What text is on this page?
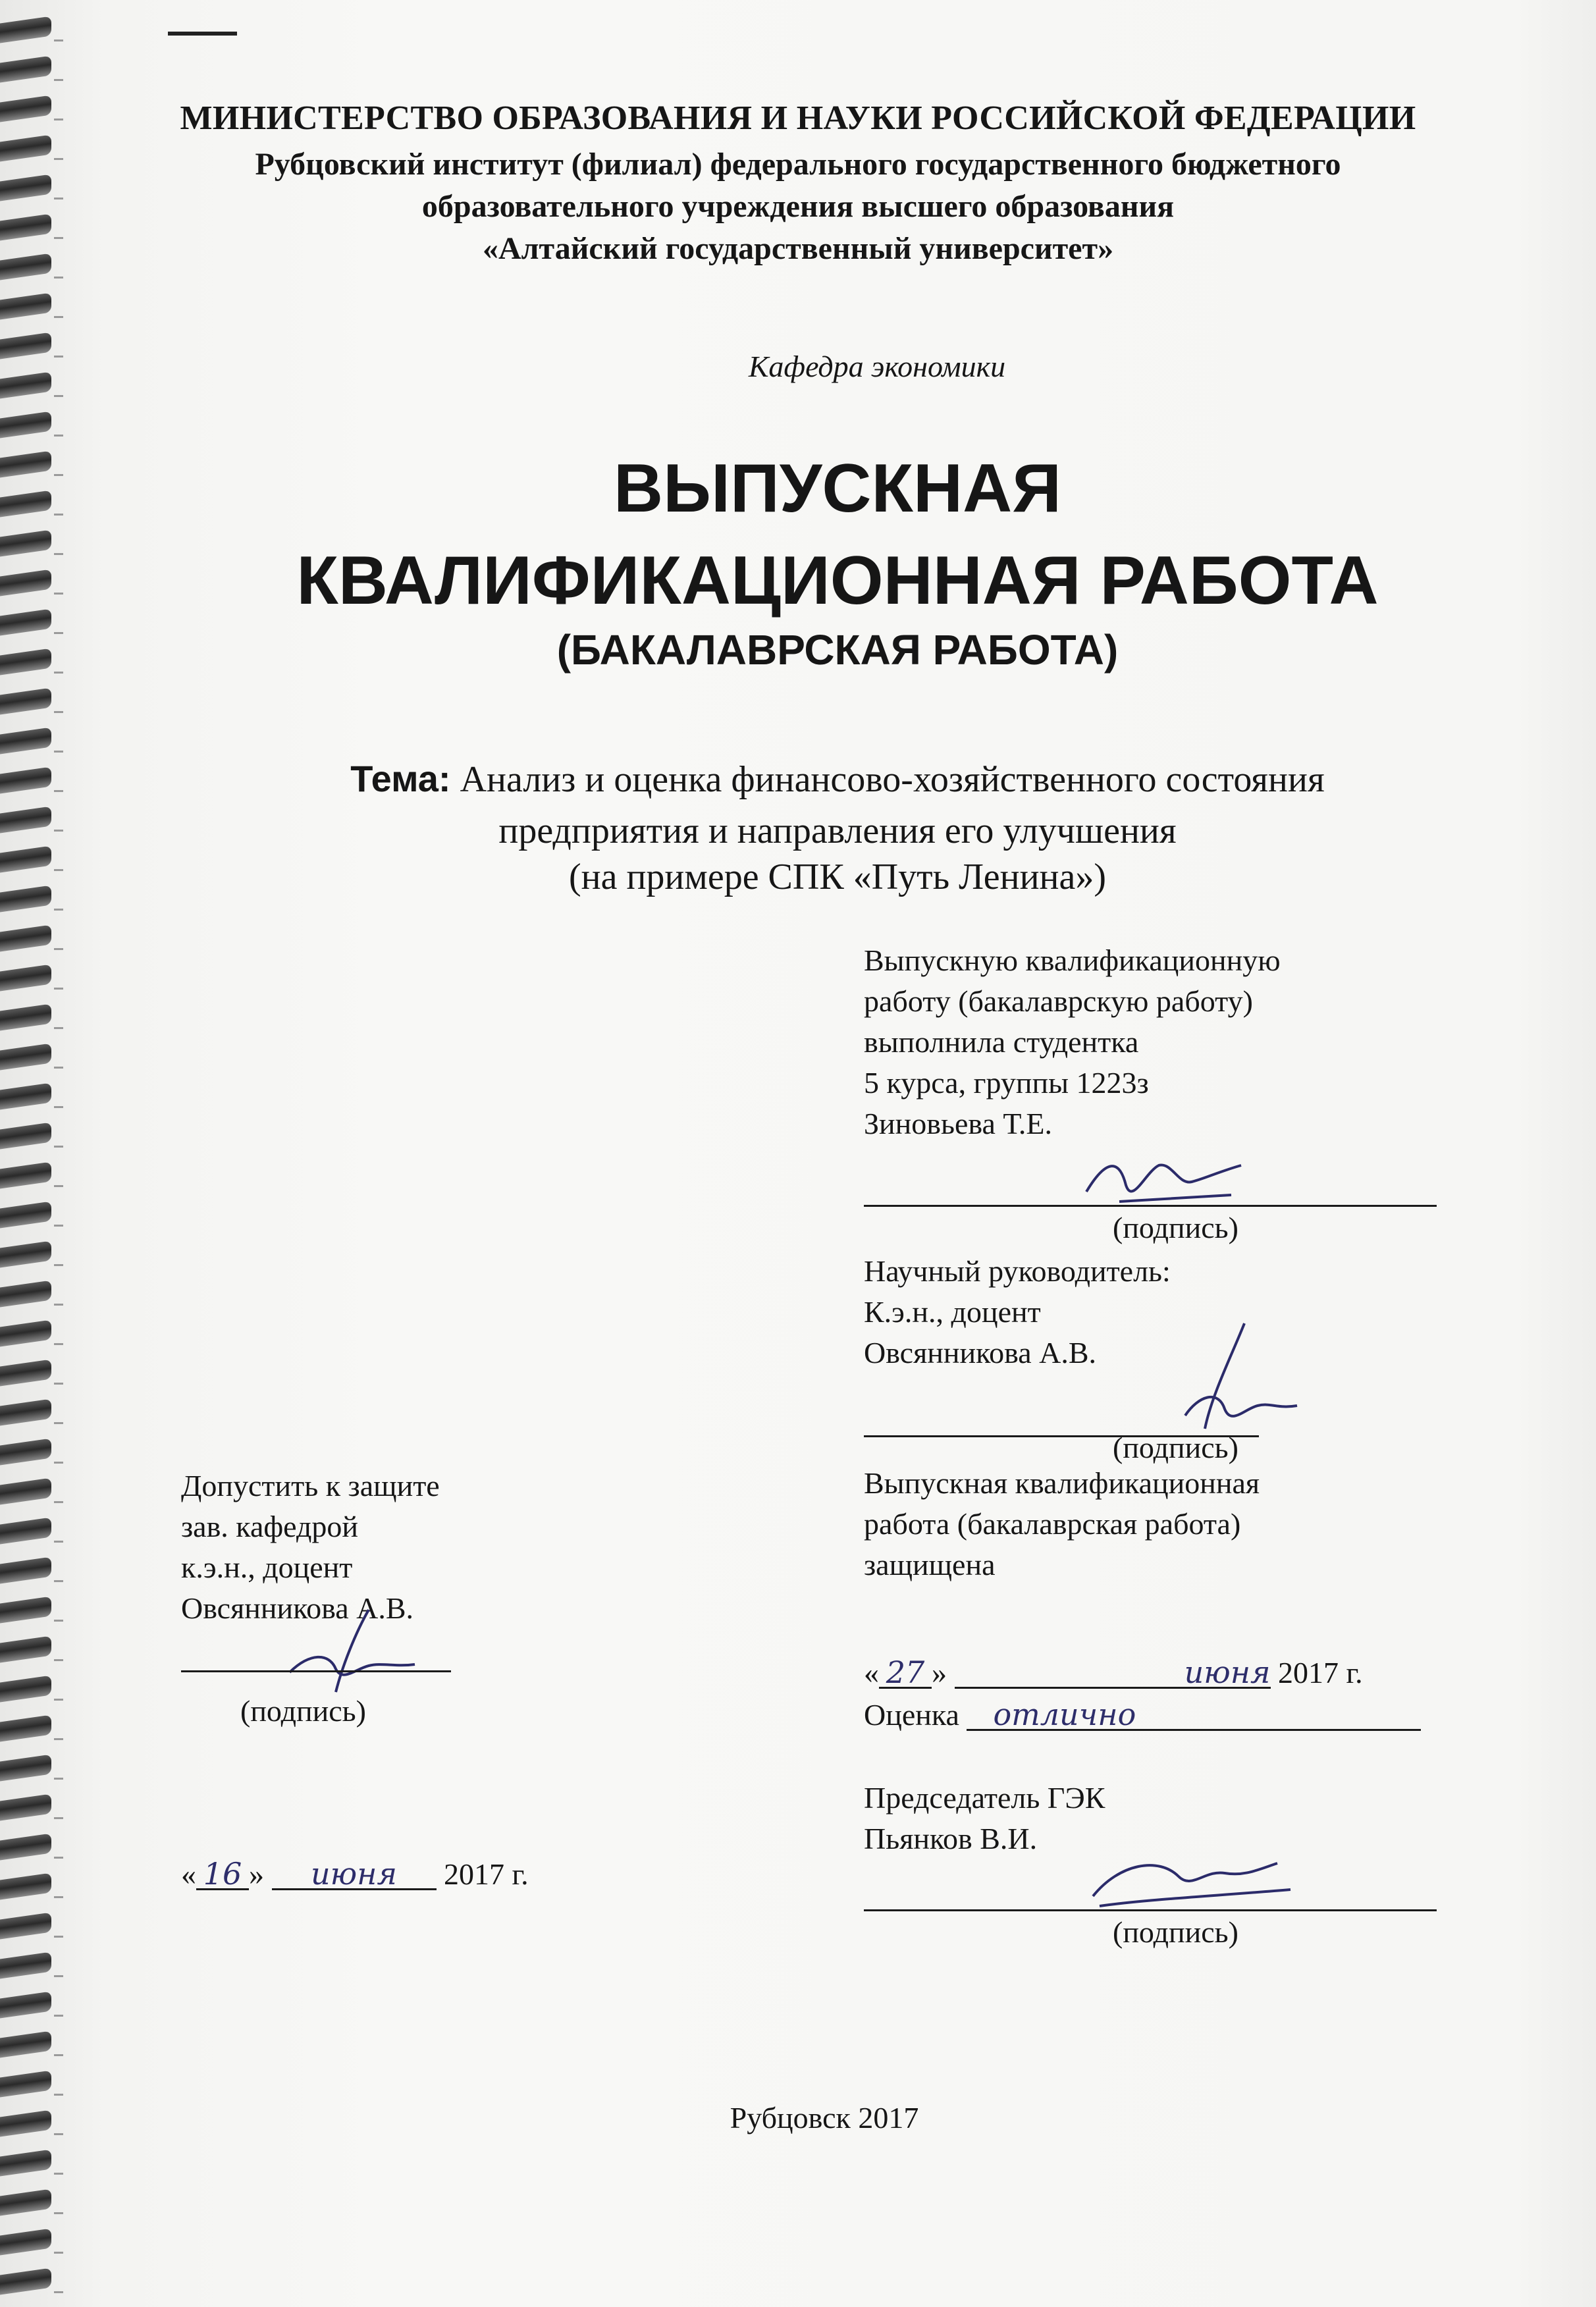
МИНИСТЕРСТВО ОБРАЗОВАНИЯ И НАУКИ РОССИЙСКОЙ ФЕДЕРАЦИИ
Рубцовский институт (филиал) федерального государственного бюджетного
образовательного учреждения высшего образования
«Алтайский государственный университет»
Кафедра экономики
ВЫПУСКНАЯ
КВАЛИФИКАЦИОННАЯ РАБОТА
(БАКАЛАВРСКАЯ РАБОТА)
Тема: Анализ и оценка финансово-хозяйственного состояния
предприятия и направления его улучшения
(на примере СПК «Путь Ленина»)
Выпускную квалификационную
работу (бакалаврскую работу)
выполнила студентка
5 курса, группы 1223з
Зиновьева Т.Е.
(подпись)
Научный руководитель:
К.э.н., доцент
Овсянникова А.В.
(подпись)
Допустить к защите
зав. кафедрой
к.э.н., доцент
Овсянникова А.В.
(подпись)
Выпускная квалификационная
работа (бакалаврская работа)
защищена
« 27 »	июня 2017 г.
Оценка отлично
Председатель ГЭК
Пьянков В.И.
(подпись)
« 16 » июня 2017 г.
Рубцовск 2017
